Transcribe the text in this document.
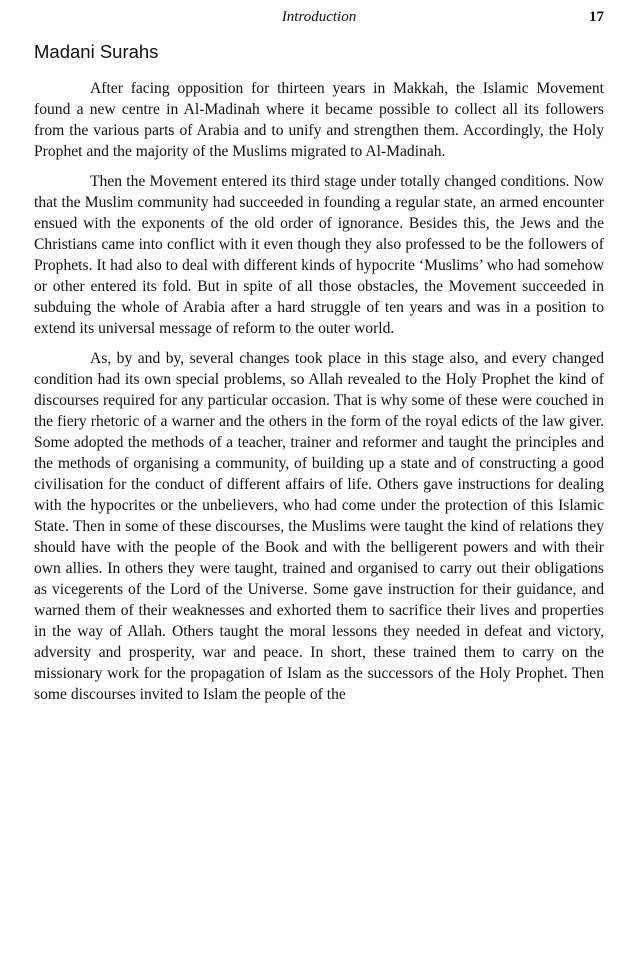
Introduction	17
Madani Surahs

After facing opposition for thirteen years in Makkah, the Islamic Movement found a new centre in Al-Madinah where it became possible to collect all its followers from the various parts of Arabia and to unify and strengthen them. Accordingly, the Holy Prophet and the majority of the Muslims migrated to Al-Madinah.

Then the Movement entered its third stage under totally changed conditions. Now that the Muslim community had succeeded in founding a regular state, an armed encounter ensued with the exponents of the old order of ignorance. Besides this, the Jews and the Christians came into conflict with it even though they also professed to be the followers of Prophets. It had also to deal with different kinds of hypocrite ‘Muslims’ who had somehow or other entered its fold. But in spite of all those obstacles, the Movement succeeded in subduing the whole of Arabia after a hard struggle of ten years and was in a position to extend its universal message of reform to the outer world.

As, by and by, several changes took place in this stage also, and every changed condition had its own special problems, so Allah revealed to the Holy Prophet the kind of discourses required for any particular occasion. That is why some of these were couched in the fiery rhetoric of a warner and the others in the form of the royal edicts of the law giver. Some adopted the methods of a teacher, trainer and reformer and taught the principles and the methods of organising a community, of building up a state and of constructing a good civilisation for the conduct of different affairs of life. Others gave instructions for dealing with the hypocrites or the unbelievers, who had come under the protection of this Islamic State. Then in some of these discourses, the Muslims were taught the kind of relations they should have with the people of the Book and with the belligerent powers and with their own allies. In others they were taught, trained and organised to carry out their obligations as vicegerents of the Lord of the Universe. Some gave instruction for their guidance, and warned them of their weaknesses and exhorted them to sacrifice their lives and properties in the way of Allah. Others taught the moral lessons they needed in defeat and victory, adversity and prosperity, war and peace. In short, these trained them to carry on the missionary work for the propagation of Islam as the successors of the Holy Prophet. Then some discourses invited to Islam the people of the
